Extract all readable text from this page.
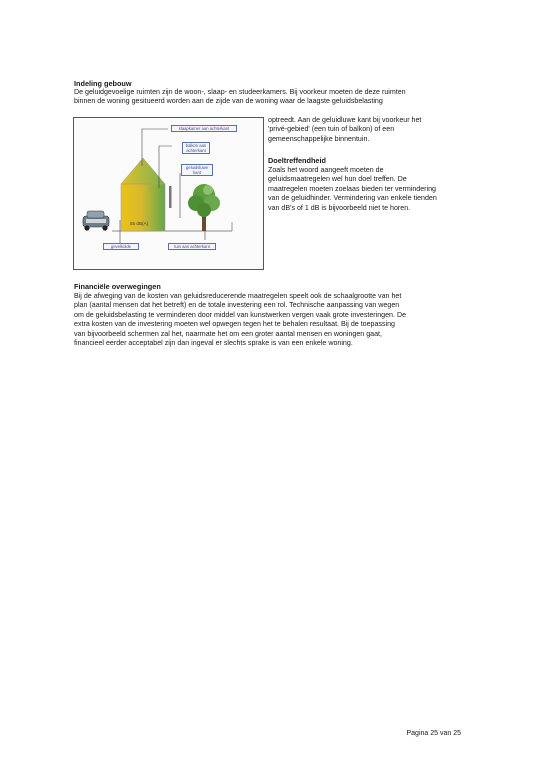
Indeling gebouw
De geluidgevoelige ruimten zijn de woon-, slaap- en studeerkamers. Bij voorkeur moeten de deze ruimten
binnen de woning gesitueerd worden aan de zijde van de woning waar de laagste geluidsbelasting
optreedt. Aan de geluidluwe kant bij voorkeur het
'privé-gebied' (een tuin of balkon) of een
gemeenschappelijke binnentuin.
slaapkamer aan achterkant
balkon aan achterkant
geluidsluwe kant
55 dB(A)
gevelkolde	tuin aan achterkant
Doeltreffendheid
Zoals het woord aangeeft moeten de
geluidsmaatregelen wel hun doel treffen. De
maatregelen moeten zoelaas bieden ter vermindering
van de geluidhinder. Vermindering van enkele tienden
van dB's of 1 dB is bijvoorbeeld niet te horen.
Financiële overwegingen
Bij de afweging van de kosten van geluidsreducerende maatregelen speelt ook de schaalgrootte van het
plan (aantal mensen dat het betreft) en de totale investering een rol. Technische aanpassing van wegen
om de geluidsbelasting te verminderen door middel van kunstwerken vergen vaak grote investeringen. De
extra kosten van de investering moeten wel opwegen tegen het te behalen resultaat. Bij de toepassing
van bijvoorbeeld schermen zal het, naarmate het om een groter aantal mensen en woningen gaat,
financieel eerder acceptabel zijn dan ingeval er slechts sprake is van een enkele woning.
Pagina 25 van 25
